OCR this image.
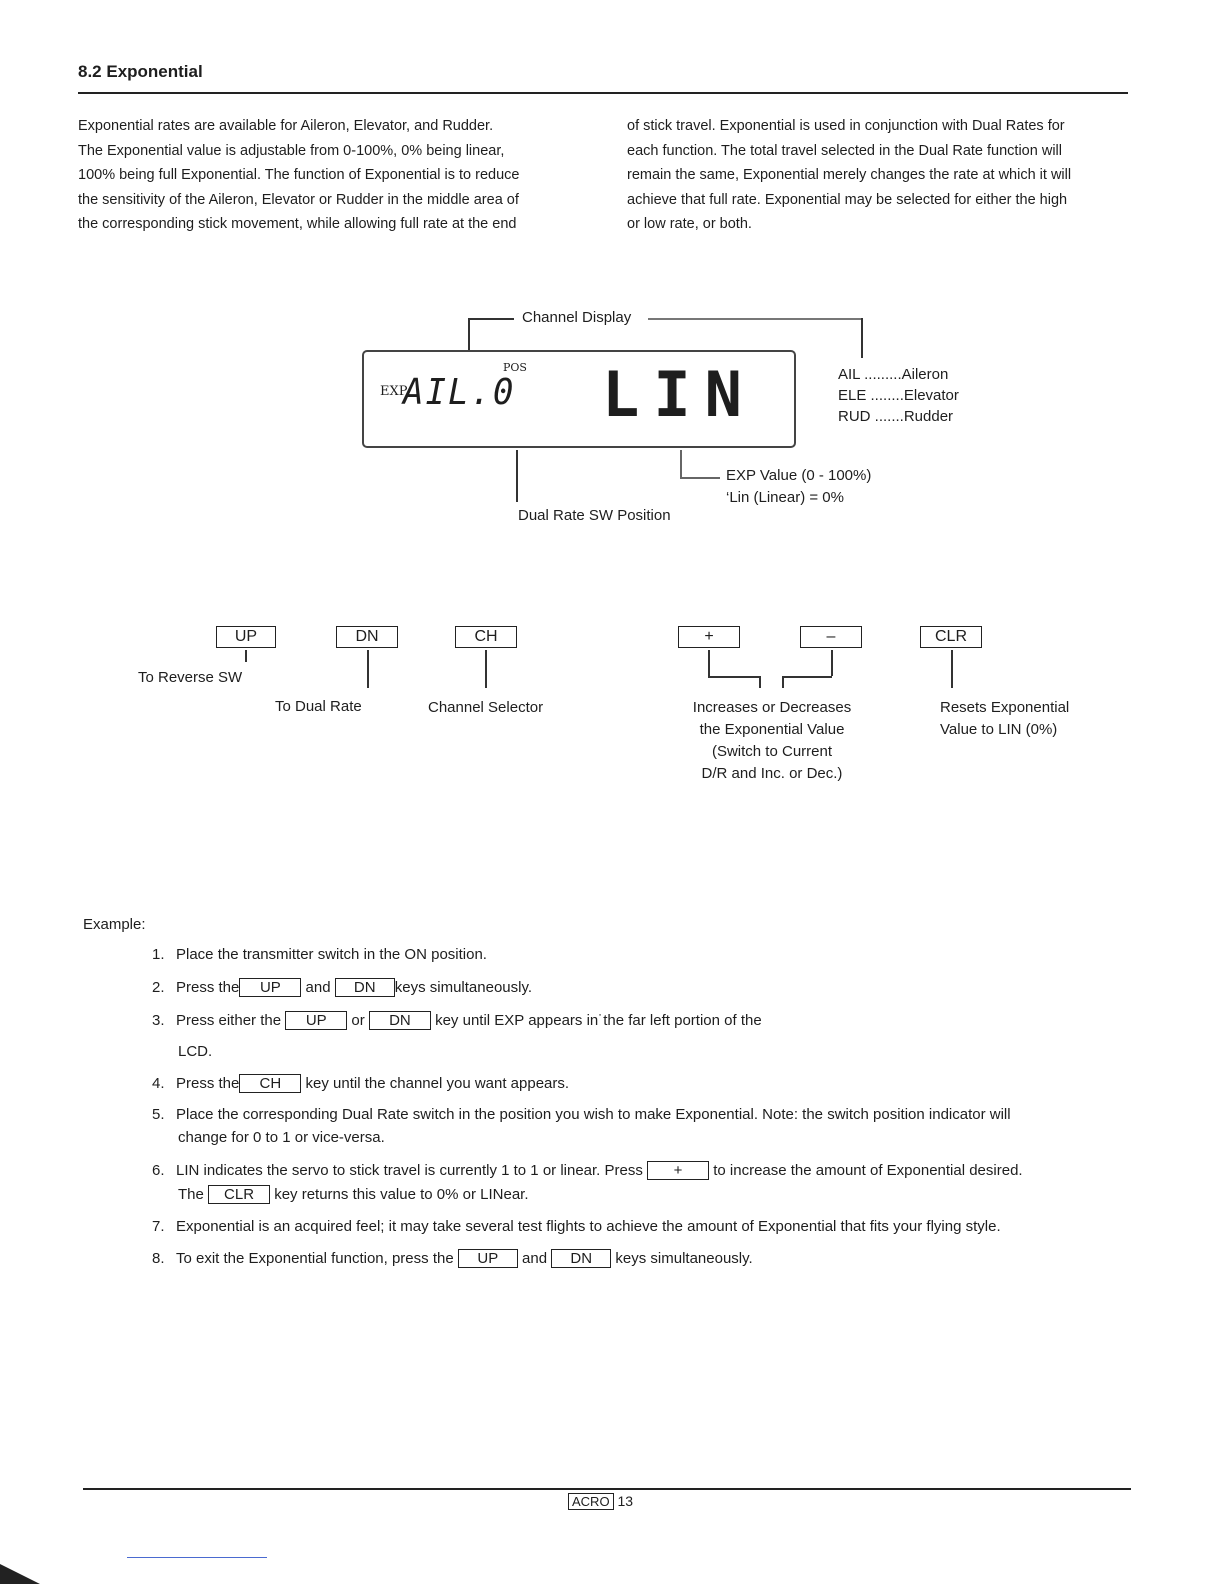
8.2 Exponential

Exponential rates are available for Aileron, Elevator, and Rudder.
The Exponential value is adjustable from 0-100%, 0% being linear,
100% being full Exponential. The function of Exponential is to reduce
the sensitivity of the Aileron, Elevator or Rudder in the middle area of
the corresponding stick movement, while allowing full rate at the end

of stick travel. Exponential is used in conjunction with Dual Rates for
each function. The total travel selected in the Dual Rate function will
remain the same, Exponential merely changes the rate at which it will
achieve that full rate. Exponential may be selected for either the high
or low rate, or both.

Channel Display
EXP
POS
AIL.0 LIN	AIL .........Aileron
ELE ........Elevator
RUD .......Rudder
Dual Rate SW Position
EXP Value (0 - 100%)
‘Lin (Linear) = 0%
UP
To Reverse SW
DN
To Dual Rate
CH
Channel Selector
+	–
Increases or Decreases
the Exponential Value
(Switch to Current
D/R and Inc. or Dec.)
CLR
Resets Exponential
Value to LIN (0%)
Example:
1. Place the transmitter switch in the ON position.
2. Press the UP and DN keys simultaneously.
3. Press either the UP or DN key until EXP appears in˙the far left portion of the
LCD.
4. Press the CH key until the channel you want appears.
5. Place the corresponding Dual Rate switch in the position you wish to make Exponential. Note: the switch position indicator will
change for 0 to 1 or vice-versa.
6. LIN indicates the servo to stick travel is currently 1 to 1 or linear. Press + to increase the amount of Exponential desired.
The CLR key returns this value to 0% or LINear.
7. Exponential is an acquired feel; it may take several test flights to achieve the amount of Exponential that fits your flying style.
8. To exit the Exponential function, press the UP and DN keys simultaneously.
ACRO 13
